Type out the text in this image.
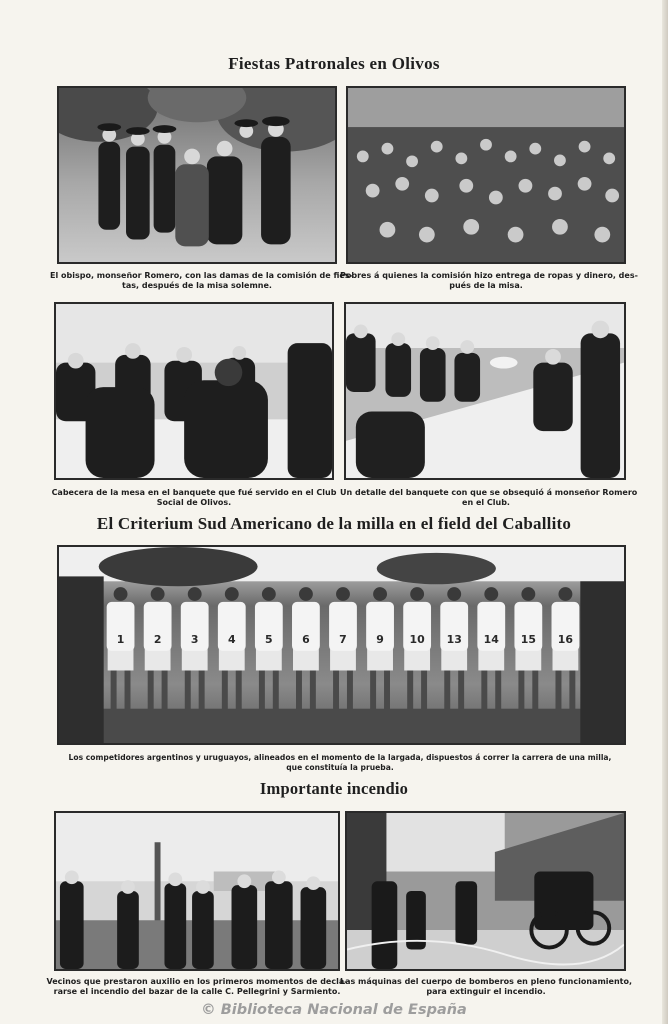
Fiestas Patronales en Olivos

El obispo, monseñor Romero, con las damas de la comisión de fies-
tas, después de la misa solemne.

Pobres á quienes la comisión hizo entrega de ropas y dinero, des-
pués de la misa.

Cabecera de la mesa en el banquete que fué servido en el Club
Social de Olivos.

Un detalle del banquete con que se obsequió á monseñor Romero
en el Club.

El Criterium Sud Americano de la milla en el field del Caballito
1	2	3	4	5	6	7	9 10 13 14 15 16

Los competidores argentinos y uruguayos, alineados en el momento de la largada, dispuestos á correr la carrera de una milla,
que constituía la prueba.

Importante incendio

Vecinos que prestaron auxilio en los primeros momentos de decla-
rarse el incendio del bazar de la calle C. Pellegrini y Sarmiento.

Las máquinas del cuerpo de bomberos en pleno funcionamiento,
para extinguir el incendio.

© Biblioteca Nacional de España
